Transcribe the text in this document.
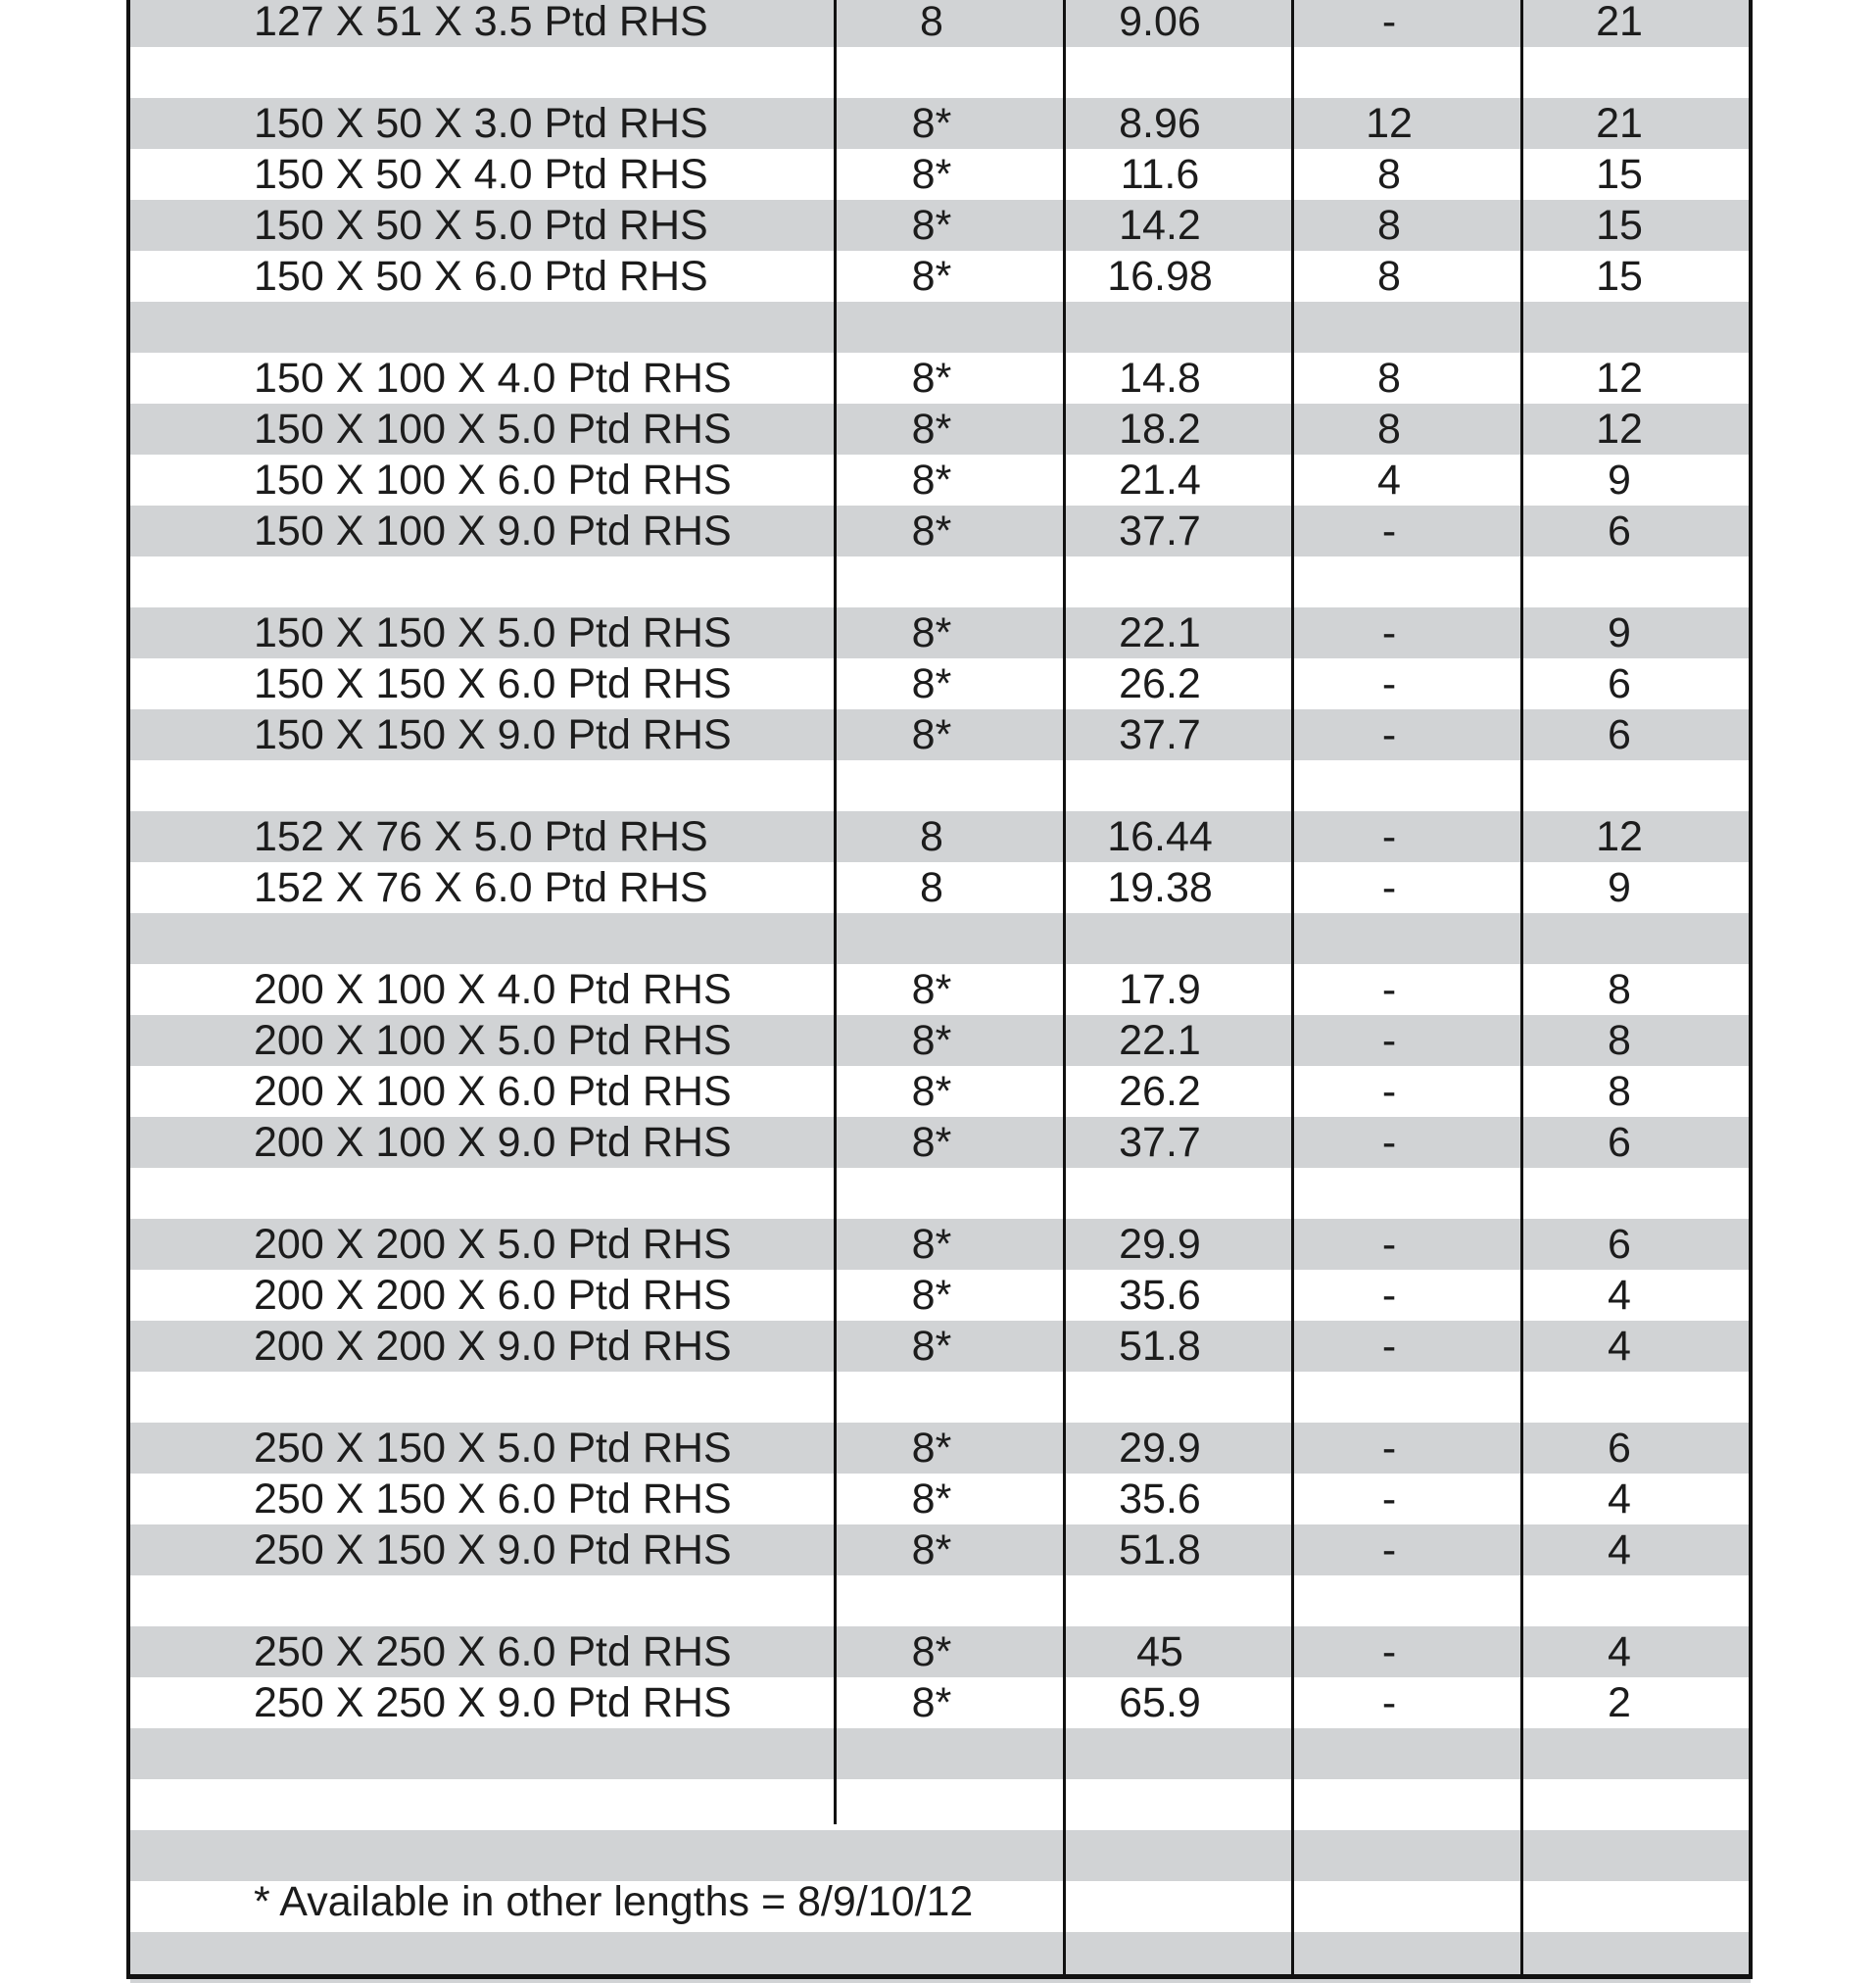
127 X 51 X 3.5 Ptd RHS	8	9.06	-	21
150 X 50 X 3.0 Ptd RHS	8*	8.96	12	21
150 X 50 X 4.0 Ptd RHS	8*	11.6	8	15
150 X 50 X 5.0 Ptd RHS	8*	14.2	8	15
150 X 50 X 6.0 Ptd RHS	8*	16.98	8	15
150 X 100 X 4.0 Ptd RHS	8*	14.8	8	12
150 X 100 X 5.0 Ptd RHS	8*	18.2	8	12
150 X 100 X 6.0 Ptd RHS	8*	21.4	4	9
150 X 100 X 9.0 Ptd RHS	8*	37.7	-	6
150 X 150 X 5.0 Ptd RHS	8*	22.1	-	9
150 X 150 X 6.0 Ptd RHS	8*	26.2	-	6
150 X 150 X 9.0 Ptd RHS	8*	37.7	-	6
152 X 76 X 5.0 Ptd RHS	8	16.44	-	12
152 X 76 X 6.0 Ptd RHS	8	19.38	-	9
200 X 100 X 4.0 Ptd RHS	8*	17.9	-	8
200 X 100 X 5.0 Ptd RHS	8*	22.1	-	8
200 X 100 X 6.0 Ptd RHS	8*	26.2	-	8
200 X 100 X 9.0 Ptd RHS	8*	37.7	-	6
200 X 200 X 5.0 Ptd RHS	8*	29.9	-	6
200 X 200 X 6.0 Ptd RHS	8*	35.6	-	4
200 X 200 X 9.0 Ptd RHS	8*	51.8	-	4
250 X 150 X 5.0 Ptd RHS	8*	29.9	-	6
250 X 150 X 6.0 Ptd RHS	8*	35.6	-	4
250 X 150 X 9.0 Ptd RHS	8*	51.8	-	4
250 X 250 X 6.0 Ptd RHS	8*	45	-	4
250 X 250 X 9.0 Ptd RHS	8*	65.9	-	2
* Available in other lengths = 8/9/10/12
